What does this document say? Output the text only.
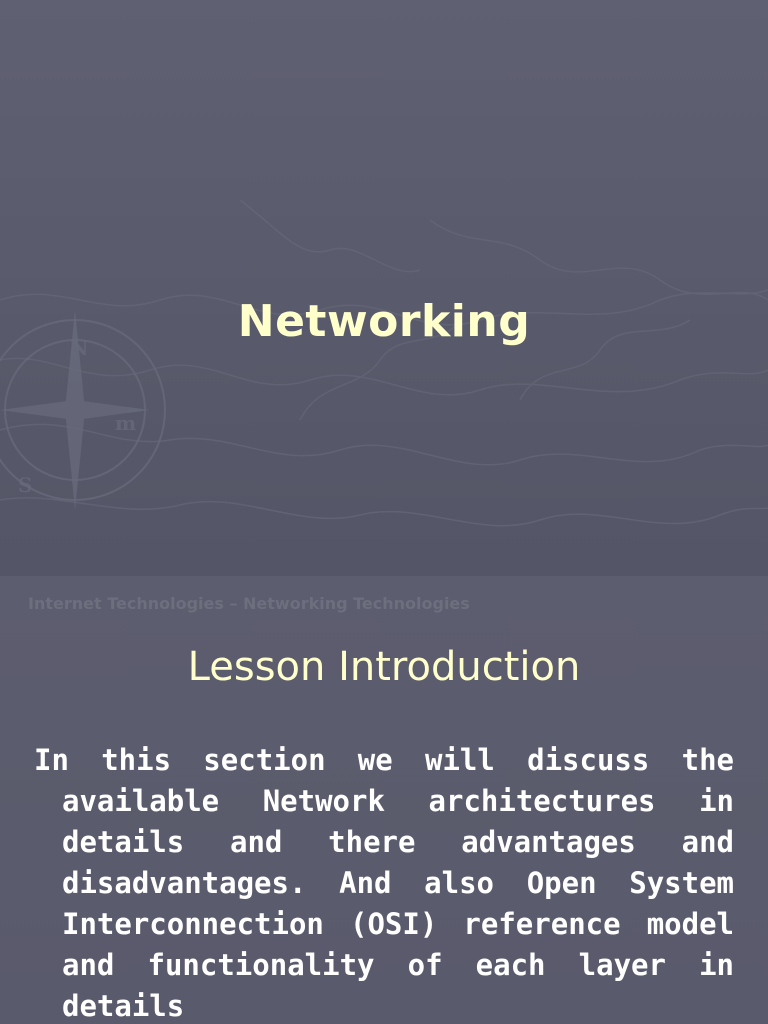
N
S
m
Networking
Internet Technologies – Networking Technologies
Lesson Introduction
In this section we will discuss the available Network architectures in details and there advantages and disadvantages. And also Open System Interconnection (OSI) reference model and functionality of each layer in details
